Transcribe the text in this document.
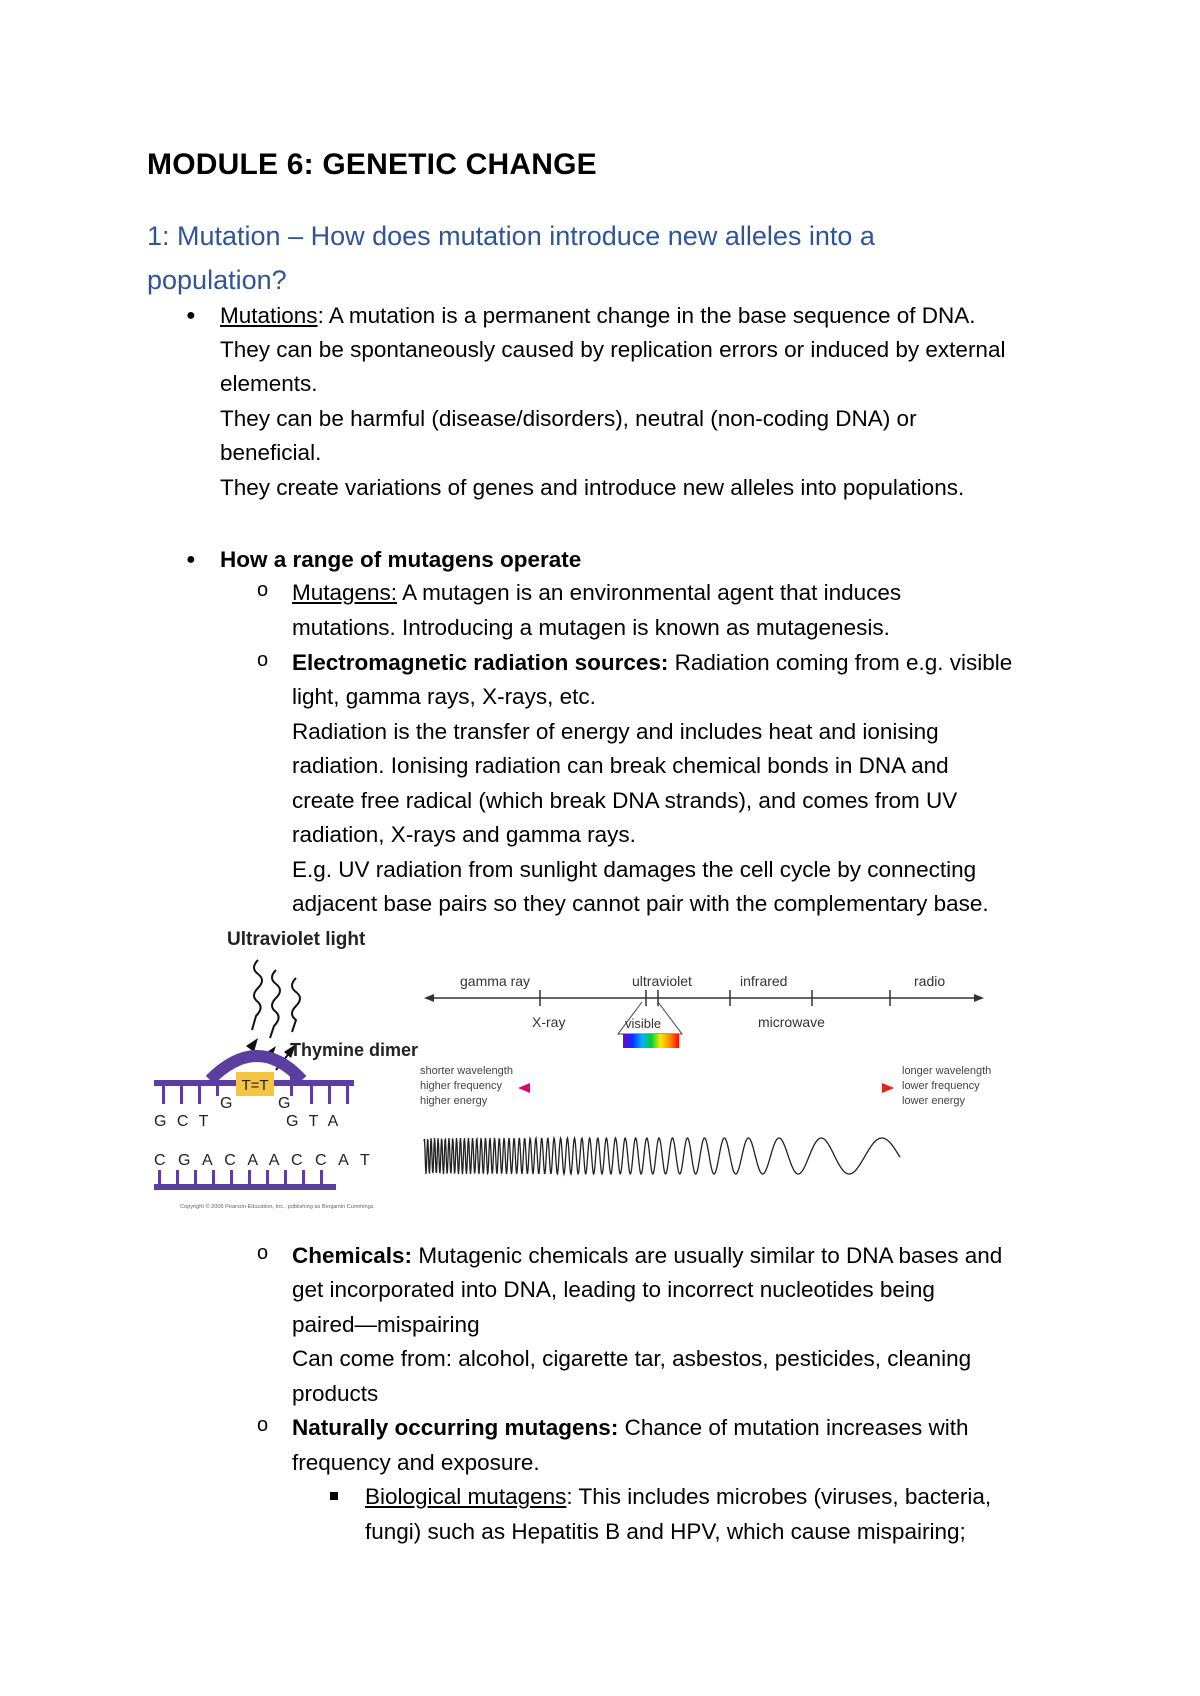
MODULE 6: GENETIC CHANGE
1: Mutation – How does mutation introduce new alleles into a
population?
● Mutations: A mutation is a permanent change in the base sequence of DNA.
They can be spontaneously caused by replication errors or induced by external
elements.
They can be harmful (disease/disorders), neutral (non-coding DNA) or
beneficial.
They create variations of genes and introduce new alleles into populations.
● How a range of mutagens operate
o Mutagens: A mutagen is an environmental agent that induces
mutations. Introducing a mutagen is known as mutagenesis.
o Electromagnetic radiation sources: Radiation coming from e.g. visible
light, gamma rays, X-rays, etc.
Radiation is the transfer of energy and includes heat and ionising
radiation. Ionising radiation can break chemical bonds in DNA and
create free radical (which break DNA strands), and comes from UV
radiation, X-rays and gamma rays.
E.g. UV radiation from sunlight damages the cell cycle by connecting
adjacent base pairs so they cannot pair with the complementary base.
Ultraviolet light
Thymine dimer
T=T
G	G
G C T	G T A
C G A C A A C C A T
Copyright © 2006 Pearson Education, Inc., publishing as Benjamin Cummings.
gamma ray	ultraviolet	infrared	radio
X-ray	visible	microwave
shorter wavelength
higher frequency
higher energy
longer wavelength
lower frequency
lower energy
o Chemicals: Mutagenic chemicals are usually similar to DNA bases and
get incorporated into DNA, leading to incorrect nucleotides being
paired—mispairing
Can come from: alcohol, cigarette tar, asbestos, pesticides, cleaning
products
o Naturally occurring mutagens: Chance of mutation increases with
frequency and exposure.
Biological mutagens: This includes microbes (viruses, bacteria,
fungi) such as Hepatitis B and HPV, which cause mispairing;
